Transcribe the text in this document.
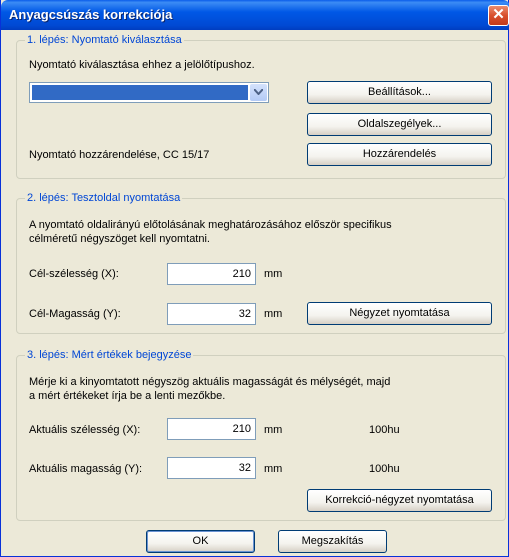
Anyagcsúszás korrekciója	✕
1. lépés: Nyomtató kiválasztása
Nyomtató kiválasztása ehhez a jelölőtípushoz.
Beállítások...
Oldalszegélyek...
Nyomtató hozzárendelése, CC 15/17	Hozzárendelés
2. lépés: Tesztoldal nyomtatása
A nyomtató oldalirányú előtolásának meghatározásához először specifikus
célméretű négyszöget kell nyomtatni.
Cél-szélesség (X):
210	mm
Cél-Magasság (Y):
32	mm	Négyzet nyomtatása
3. lépés: Mért értékek bejegyzése
Mérje ki a kinyomtatott négyszög aktuális magasságát és mélységét, majd
a mért értékeket írja be a lenti mezőkbe.
Aktuális szélesség (X):
210	mm	100hu
Aktuális magasság (Y):
32	mm	100hu
Korrekció-négyzet nyomtatása
OK	Megszakítás
